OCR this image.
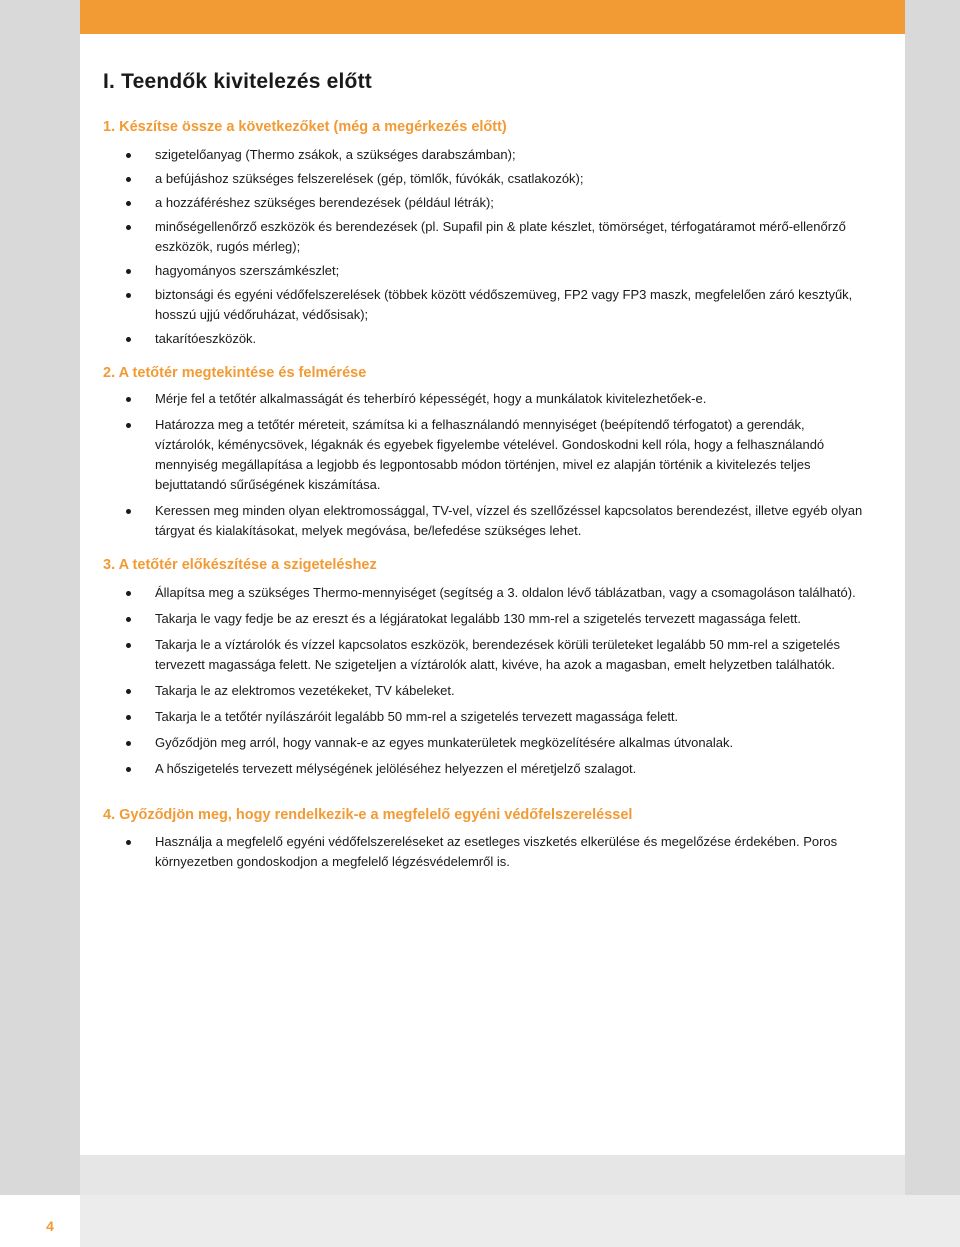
4
I. Teendők kivitelezés előtt
1. Készítse össze a következőket (még a megérkezés előtt)
szigetelőanyag (Thermo zsákok, a szükséges darabszámban);
a befújáshoz szükséges felszerelések (gép, tömlők, fúvókák, csatlakozók);
a hozzáféréshez szükséges berendezések (például létrák);
minőségellenőrző eszközök és berendezések (pl. Supafil pin & plate készlet, tömörséget, térfogatáramot mérő-ellenőrző eszközök, rugós mérleg);
hagyományos szerszámkészlet;
biztonsági és egyéni védőfelszerelések (többek között védőszemüveg, FP2 vagy FP3 maszk, megfelelően záró kesztyűk, hosszú ujjú védőruházat, védősisak);
takarítóeszközök.
2. A tetőtér megtekintése és felmérése
Mérje fel a tetőtér alkalmasságát és teherbíró képességét, hogy a munkálatok kivitelezhetőek-e.
Határozza meg a tetőtér méreteit, számítsa ki a felhasználandó mennyiséget (beépítendő térfogatot) a gerendák, víztárolók, kéménycsövek, légaknák és egyebek figyelembe vételével. Gondoskodni kell róla, hogy a felhasználandó mennyiség megállapítása a legjobb és legpontosabb módon történjen, mivel ez alapján történik a kivitelezés teljes bejuttatandó sűrűségének kiszámítása.
Keressen meg minden olyan elektromossággal, TV-vel, vízzel és szellőzéssel kapcsolatos berendezést, illetve egyéb olyan tárgyat és kialakításokat, melyek megóvása, be/lefedése szükséges lehet.
3. A tetőtér előkészítése a szigeteléshez
Állapítsa meg a szükséges Thermo-mennyiséget (segítség a 3. oldalon lévő táblázatban, vagy a csomagoláson található).
Takarja le vagy fedje be az ereszt és a légjáratokat legalább 130 mm-rel a szigetelés tervezett magassága felett.
Takarja le a víztárolók és vízzel kapcsolatos eszközök, berendezések körüli területeket legalább 50 mm-rel a szigetelés tervezett magassága felett. Ne szigeteljen a víztárolók alatt, kivéve, ha azok a magasban, emelt helyzetben találhatók.
Takarja le az elektromos vezetékeket, TV kábeleket.
Takarja le a tetőtér nyílászáróit legalább 50 mm-rel a szigetelés tervezett magassága felett.
Győződjön meg arról, hogy vannak-e az egyes munkaterületek megközelítésére alkalmas útvonalak.
A hőszigetelés tervezett mélységének jelöléséhez helyezzen el méretjelző szalagot.
4. Győződjön meg, hogy rendelkezik-e a megfelelő egyéni védőfelszereléssel
Használja a megfelelő egyéni védőfelszereléseket az esetleges viszketés elkerülése és megelőzése érdekében. Poros környezetben gondoskodjon a megfelelő légzésvédelemről is.
